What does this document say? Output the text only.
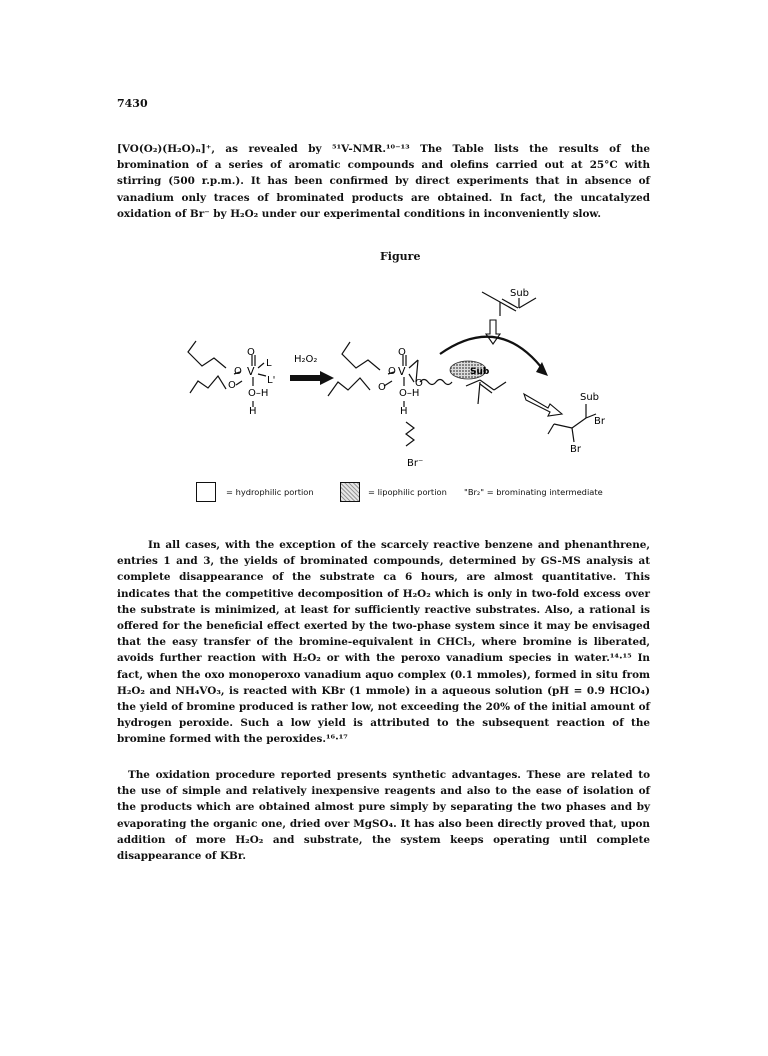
7430

[VO(O₂)(H₂O)ₙ]⁺, as revealed by ⁵¹V-NMR.¹⁰⁻¹³ The Table lists the results of the bromination of a series of aromatic compounds and olefins carried out at 25°C with stirring (500 r.p.m.). It has been confirmed by direct experiments that in absence of vanadium only traces of brominated products are obtained. In fact, the uncatalyzed oxidation of Br⁻ by H₂O₂ under our experimental conditions in inconveniently slow.

Figure
O
V
L
L'
O
O
O–H
H
H₂O₂
O
V
O
O	O
O–H
H
Br⁻
Sub
Sub
Sub
Br
Br
= hydrophilic portion	= lipophilic portion "Br₂" = brominating intermediate

In all cases, with the exception of the scarcely reactive benzene and phenanthrene, entries 1 and 3, the yields of brominated compounds, determined by GS-MS analysis at complete disappearance of the substrate ca 6 hours, are almost quantitative. This indicates that the competitive decomposition of H₂O₂ which is only in two-fold excess over the substrate is minimized, at least for sufficiently reactive substrates. Also, a rational is offered for the beneficial effect exerted by the two-phase system since it may be envisaged that the easy transfer of the bromine-equivalent in CHCl₃, where bromine is liberated, avoids further reaction with H₂O₂ or with the peroxo vanadium species in water.¹⁴·¹⁵ In fact, when the oxo monoperoxo vanadium aquo complex (0.1 mmoles), formed in situ from H₂O₂ and NH₄VO₃, is reacted with KBr (1 mmole) in a aqueous solution (pH = 0.9 HClO₄) the yield of bromine produced is rather low, not exceeding the 20% of the initial amount of hydrogen peroxide. Such a low yield is attributed to the subsequent reaction of the bromine formed with the peroxides.¹⁶·¹⁷

The oxidation procedure reported presents synthetic advantages. These are related to the use of simple and relatively inexpensive reagents and also to the ease of isolation of the products which are obtained almost pure simply by separating the two phases and by evaporating the organic one, dried over MgSO₄. It has also been directly proved that, upon addition of more H₂O₂ and substrate, the system keeps operating until complete disappearance of KBr.
